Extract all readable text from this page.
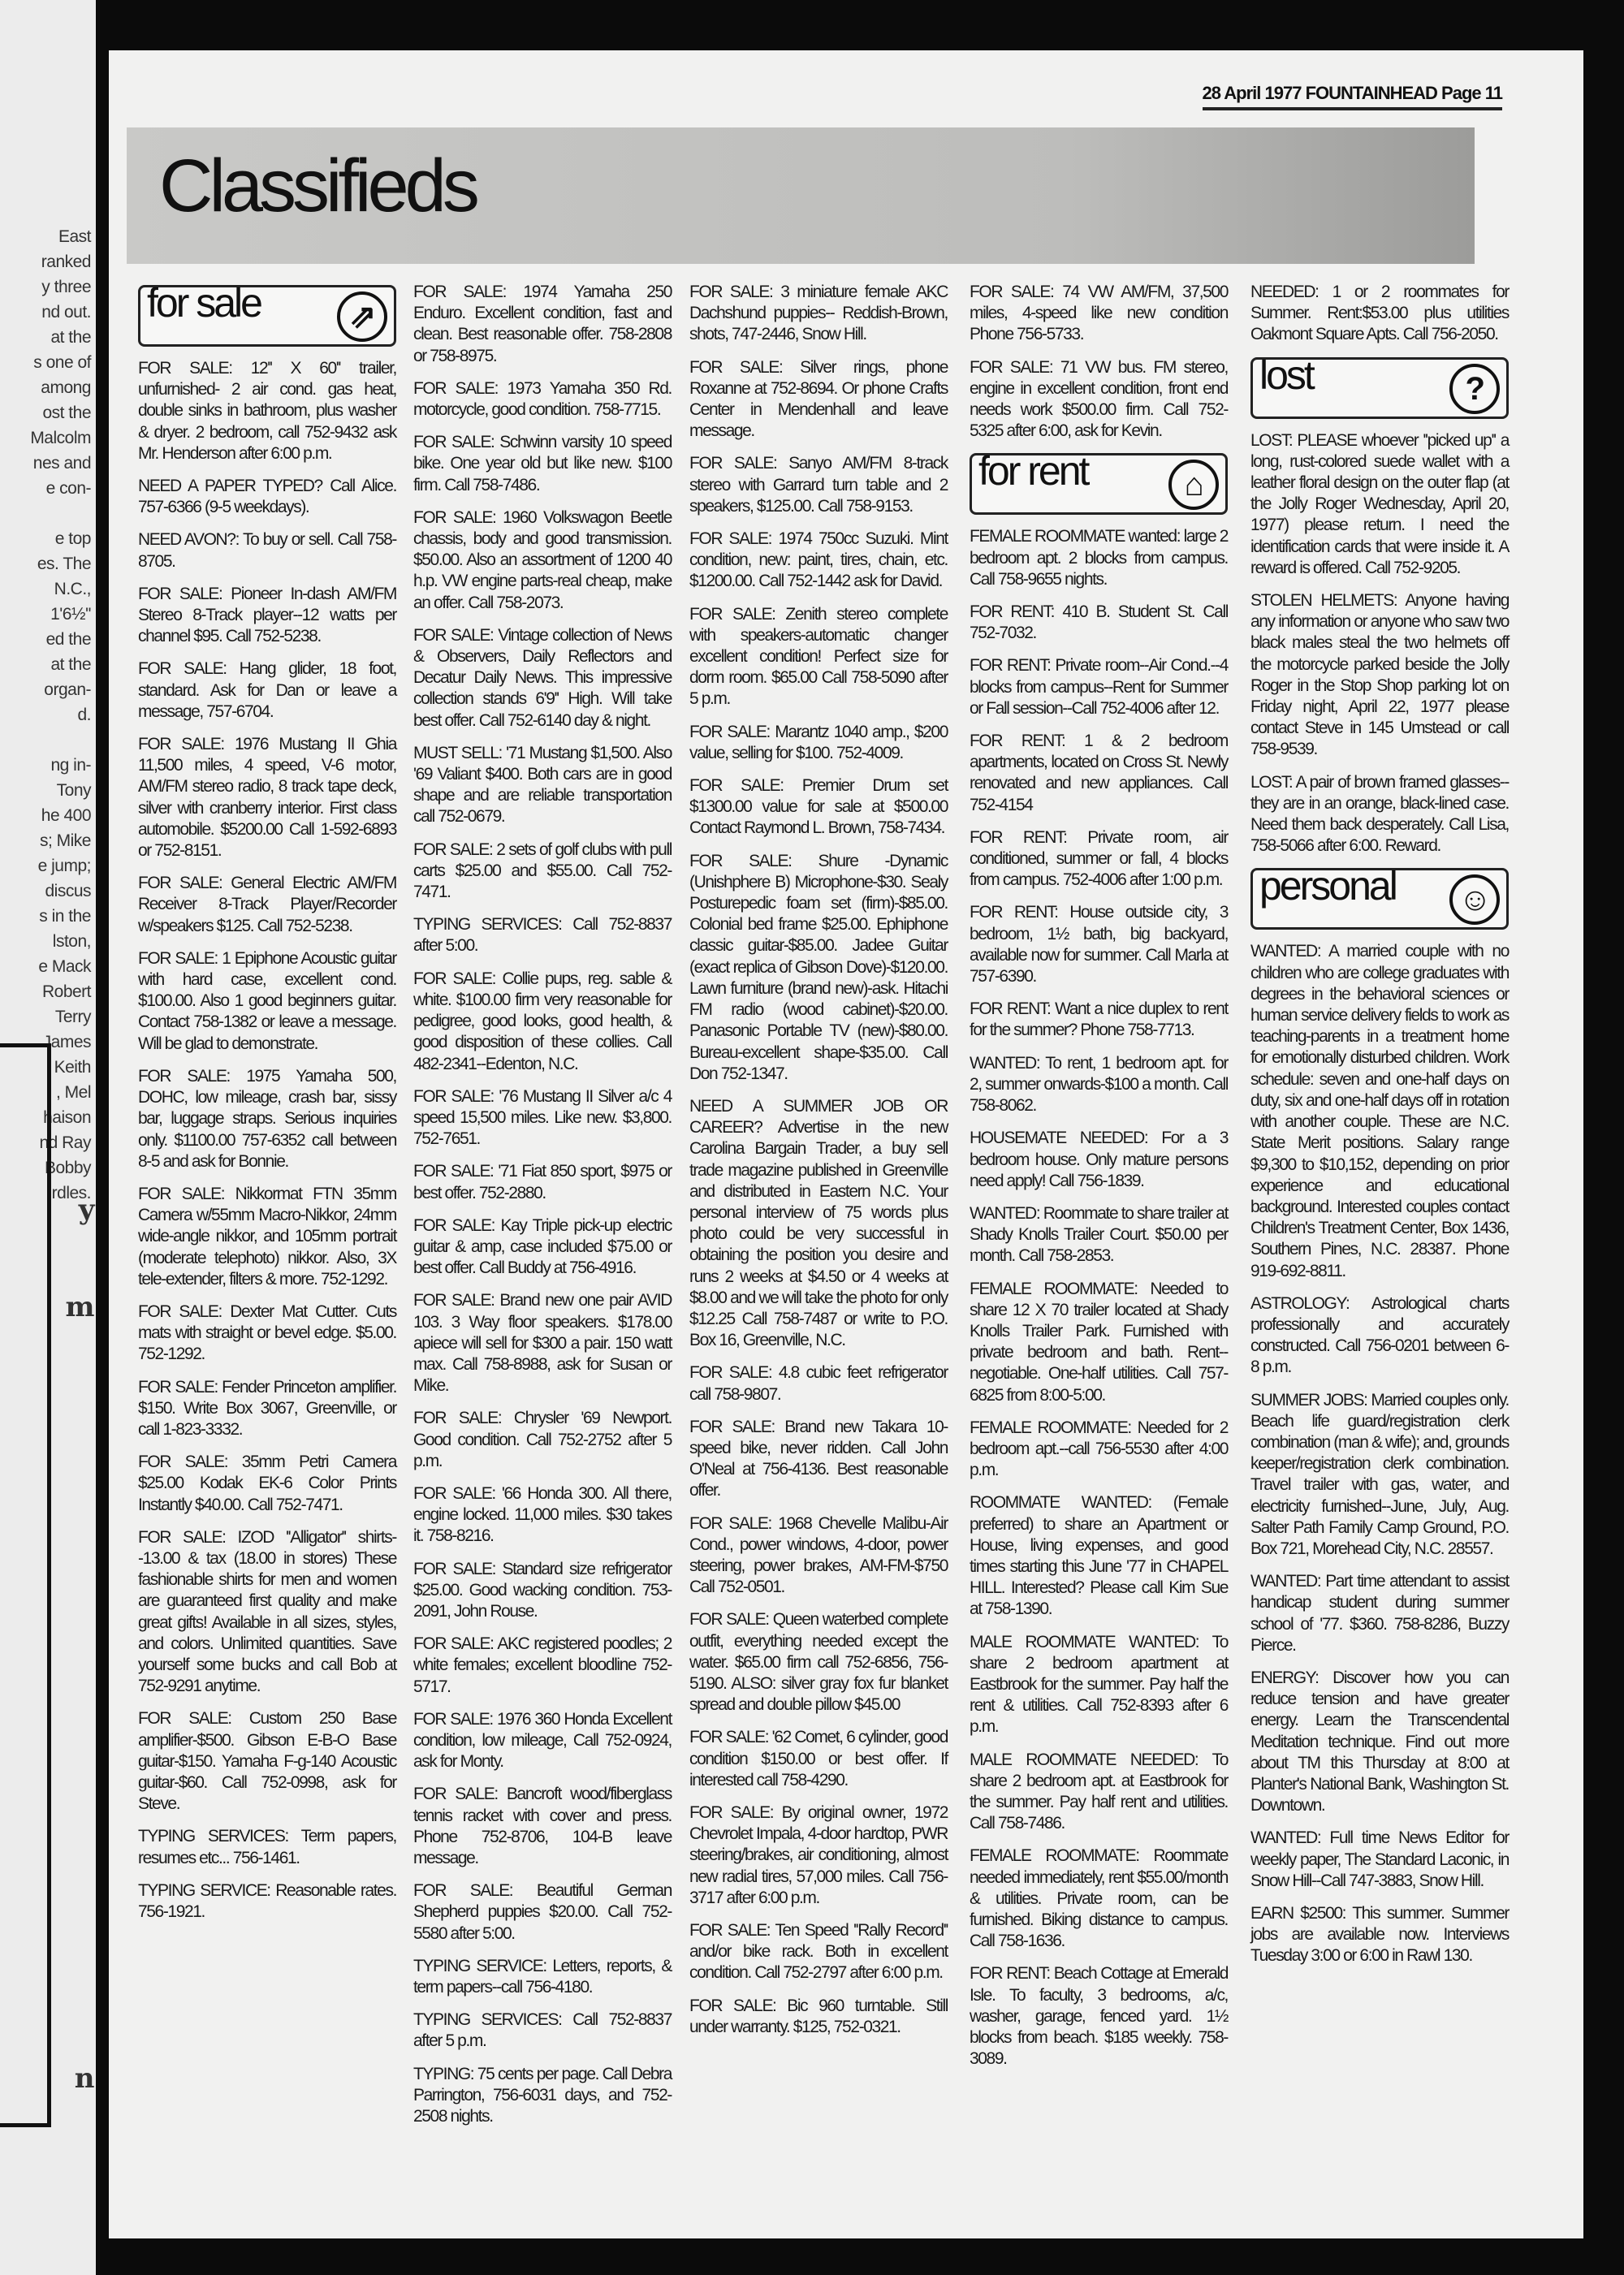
East
ranked
y three
nd out.
at the
s one of
among
ost the
Malcolm
nes and
e con-
e top
es. The
N.C.,
1'6½''
ed the
at the
organ-
d.
ng in-
Tony
he 400
s; Mike
e jump;
discus
s in the
lston,
e Mack
Robert
Terry
James
Keith
, Mel
haison
nd Ray
Bobby
rdles.
y
m
n
28 April 1977 FOUNTAINHEAD Page 11
Classifieds
for sale	⇗

FOR SALE: 12'' X 60'' trailer, unfurnished- 2 air cond. gas heat, double sinks in bathroom, plus washer & dryer. 2 bedroom, call 752-9432 ask Mr. Henderson after 6:00 p.m.

NEED A PAPER TYPED? Call Alice. 757-6366 (9-5 weekdays).

NEED AVON?: To buy or sell. Call 758-8705.

FOR SALE: Pioneer In-dash AM/FM Stereo 8-Track player--12 watts per channel $95. Call 752-5238.

FOR SALE: Hang glider, 18 foot, standard. Ask for Dan or leave a message, 757-6704.

FOR SALE: 1976 Mustang II Ghia 11,500 miles, 4 speed, V-6 motor, AM/FM stereo radio, 8 track tape deck, silver with cranberry interior. First class automobile. $5200.00 Call 1-592-6893 or 752-8151.

FOR SALE: General Electric AM/FM Receiver 8-Track Player/Recorder w/speakers $125. Call 752-5238.

FOR SALE: 1 Epiphone Acoustic guitar with hard case, excellent cond. $100.00. Also 1 good beginners guitar. Contact 758-1382 or leave a message. Will be glad to demonstrate.

FOR SALE: 1975 Yamaha 500, DOHC, low mileage, crash bar, sissy bar, luggage straps. Serious inquiries only. $1100.00 757-6352 call between 8-5 and ask for Bonnie.

FOR SALE: Nikkormat FTN 35mm Camera w/55mm Macro-Nikkor, 24mm wide-angle nikkor, and 105mm portrait (moderate telephoto) nikkor. Also, 3X tele-extender, filters & more. 752-1292.

FOR SALE: Dexter Mat Cutter. Cuts mats with straight or bevel edge. $5.00. 752-1292.

FOR SALE: Fender Princeton amplifier. $150. Write Box 3067, Greenville, or call 1-823-3332.

FOR SALE: 35mm Petri Camera $25.00 Kodak EK-6 Color Prints Instantly $40.00. Call 752-7471.

FOR SALE: IZOD ''Alligator'' shirts--13.00 & tax (18.00 in stores) These fashionable shirts for men and women are guaranteed first quality and make great gifts! Available in all sizes, styles, and colors. Unlimited quantities. Save yourself some bucks and call Bob at 752-9291 anytime.

FOR SALE: Custom 250 Base amplifier-$500. Gibson E-B-O Base guitar-$150. Yamaha F-g-140 Acoustic guitar-$60. Call 752-0998, ask for Steve.

TYPING SERVICES: Term papers, resumes etc... 756-1461.

TYPING SERVICE: Reasonable rates. 756-1921.

FOR SALE: 1974 Yamaha 250 Enduro. Excellent condition, fast and clean. Best reasonable offer. 758-2808 or 758-8975.

FOR SALE: 1973 Yamaha 350 Rd. motorcycle, good condition. 758-7715.

FOR SALE: Schwinn varsity 10 speed bike. One year old but like new. $100 firm. Call 758-7486.

FOR SALE: 1960 Volkswagon Beetle chassis, body and good transmission. $50.00. Also an assortment of 1200 40 h.p. VW engine parts-real cheap, make an offer. Call 758-2073.

FOR SALE: Vintage collection of News & Observers, Daily Reflectors and Decatur Daily News. This impressive collection stands 6'9'' High. Will take best offer. Call 752-6140 day & night.

MUST SELL: '71 Mustang $1,500. Also '69 Valiant $400. Both cars are in good shape and are reliable transportation call 752-0679.

FOR SALE: 2 sets of golf clubs with pull carts $25.00 and $55.00. Call 752-7471.

TYPING SERVICES: Call 752-8837 after 5:00.

FOR SALE: Collie pups, reg. sable & white. $100.00 firm very reasonable for pedigree, good looks, good health, & good disposition of these collies. Call 482-2341--Edenton, N.C.

FOR SALE: '76 Mustang II Silver a/c 4 speed 15,500 miles. Like new. $3,800. 752-7651.

FOR SALE: '71 Fiat 850 sport, $975 or best offer. 752-2880.

FOR SALE: Kay Triple pick-up electric guitar & amp, case included $75.00 or best offer. Call Buddy at 756-4916.

FOR SALE: Brand new one pair AVID 103. 3 Way floor speakers. $178.00 apiece will sell for $300 a pair. 150 watt max. Call 758-8988, ask for Susan or Mike.

FOR SALE: Chrysler '69 Newport. Good condition. Call 752-2752 after 5 p.m.

FOR SALE: '66 Honda 300. All there, engine locked. 11,000 miles. $30 takes it. 758-8216.

FOR SALE: Standard size refrigerator $25.00. Good wacking condition. 753-2091, John Rouse.

FOR SALE: AKC registered poodles; 2 white females; excellent bloodline 752-5717.

FOR SALE: 1976 360 Honda Excellent condition, low mileage, Call 752-0924, ask for Monty.

FOR SALE: Bancroft wood/fiberglass tennis racket with cover and press. Phone 752-8706, 104-B leave message.

FOR SALE: Beautiful German Shepherd puppies $20.00. Call 752-5580 after 5:00.

TYPING SERVICE: Letters, reports, & term papers--call 756-4180.

TYPING SERVICES: Call 752-8837 after 5 p.m.

TYPING: 75 cents per page. Call Debra Parrington, 756-6031 days, and 752-2508 nights.

FOR SALE: 3 miniature female AKC Dachshund puppies-- Reddish-Brown, shots, 747-2446, Snow Hill.

FOR SALE: Silver rings, phone Roxanne at 752-8694. Or phone Crafts Center in Mendenhall and leave message.

FOR SALE: Sanyo AM/FM 8-track stereo with Garrard turn table and 2 speakers, $125.00. Call 758-9153.

FOR SALE: 1974 750cc Suzuki. Mint condition, new: paint, tires, chain, etc. $1200.00. Call 752-1442 ask for David.

FOR SALE: Zenith stereo complete with speakers-automatic changer excellent condition! Perfect size for dorm room. $65.00 Call 758-5090 after 5 p.m.

FOR SALE: Marantz 1040 amp., $200 value, selling for $100. 752-4009.

FOR SALE: Premier Drum set $1300.00 value for sale at $500.00 Contact Raymond L. Brown, 758-7434.

FOR SALE: Shure -Dynamic (Unishphere B) Microphone-$30. Sealy Posturepedic foam set (firm)-$85.00. Colonial bed frame $25.00. Ephiphone classic guitar-$85.00. Jadee Guitar (exact replica of Gibson Dove)-$120.00. Lawn furniture (brand new)-ask. Hitachi FM radio (wood cabinet)-$20.00. Panasonic Portable TV (new)-$80.00. Bureau-excellent shape-$35.00. Call Don 752-1347.

NEED A SUMMER JOB OR CAREER? Advertise in the new Carolina Bargain Trader, a buy sell trade magazine published in Greenville and distributed in Eastern N.C. Your personal interview of 75 words plus photo could be very successful in obtaining the position you desire and runs 2 weeks at $4.50 or 4 weeks at $8.00 and we will take the photo for only $12.25 Call 758-7487 or write to P.O. Box 16, Greenville, N.C.

FOR SALE: 4.8 cubic feet refrigerator call 758-9807.

FOR SALE: Brand new Takara 10-speed bike, never ridden. Call John O'Neal at 756-4136. Best reasonable offer.

FOR SALE: 1968 Chevelle Malibu-Air Cond., power windows, 4-door, power steering, power brakes, AM-FM-$750 Call 752-0501.

FOR SALE: Queen waterbed complete outfit, everything needed except the water. $65.00 firm call 752-6856, 756-5190. ALSO: silver gray fox fur blanket spread and double pillow $45.00

FOR SALE: '62 Comet, 6 cylinder, good condition $150.00 or best offer. If interested call 758-4290.

FOR SALE: By original owner, 1972 Chevrolet Impala, 4-door hardtop, PWR steering/brakes, air conditioning, almost new radial tires, 57,000 miles. Call 756-3717 after 6:00 p.m.

FOR SALE: Ten Speed ''Rally Record'' and/or bike rack. Both in excellent condition. Call 752-2797 after 6:00 p.m.

FOR SALE: Bic 960 turntable. Still under warranty. $125, 752-0321.

FOR SALE: 74 VW AM/FM, 37,500 miles, 4-speed like new condition Phone 756-5733.

FOR SALE: 71 VW bus. FM stereo, engine in excellent condition, front end needs work $500.00 firm. Call 752-5325 after 6:00, ask for Kevin.

for rent	⌂

FEMALE ROOMMATE wanted: large 2 bedroom apt. 2 blocks from campus. Call 758-9655 nights.

FOR RENT: 410 B. Student St. Call 752-7032.

FOR RENT: Private room--Air Cond.--4 blocks from campus--Rent for Summer or Fall session--Call 752-4006 after 12.

FOR RENT: 1 & 2 bedroom apartments, located on Cross St. Newly renovated and new appliances. Call 752-4154

FOR RENT: Private room, air conditioned, summer or fall, 4 blocks from campus. 752-4006 after 1:00 p.m.

FOR RENT: House outside city, 3 bedroom, 1½ bath, big backyard, available now for summer. Call Marla at 757-6390.

FOR RENT: Want a nice duplex to rent for the summer? Phone 758-7713.

WANTED: To rent, 1 bedroom apt. for 2, summer onwards-$100 a month. Call 758-8062.

HOUSEMATE NEEDED: For a 3 bedroom house. Only mature persons need apply! Call 756-1839.

WANTED: Roommate to share trailer at Shady Knolls Trailer Court. $50.00 per month. Call 758-2853.

FEMALE ROOMMATE: Needed to share 12 X 70 trailer located at Shady Knolls Trailer Park. Furnished with private bedroom and bath. Rent--negotiable. One-half utilities. Call 757-6825 from 8:00-5:00.

FEMALE ROOMMATE: Needed for 2 bedroom apt.--call 756-5530 after 4:00 p.m.

ROOMMATE WANTED: (Female preferred) to share an Apartment or House, living expenses, and good times starting this June '77 in CHAPEL HILL. Interested? Please call Kim Sue at 758-1390.

MALE ROOMMATE WANTED: To share 2 bedroom apartment at Eastbrook for the summer. Pay half the rent & utilities. Call 752-8393 after 6 p.m.

MALE ROOMMATE NEEDED: To share 2 bedroom apt. at Eastbrook for the summer. Pay half rent and utilities. Call 758-7486.

FEMALE ROOMMATE: Roommate needed immediately, rent $55.00/month & utilities. Private room, can be furnished. Biking distance to campus. Call 758-1636.

FOR RENT: Beach Cottage at Emerald Isle. To faculty, 3 bedrooms, a/c, washer, garage, fenced yard. 1½ blocks from beach. $185 weekly. 758-3089.

NEEDED: 1 or 2 roommates for Summer. Rent:$53.00 plus utilities Oakmont Square Apts. Call 756-2050.

lost	?

LOST: PLEASE whoever ''picked up'' a long, rust-colored suede wallet with a leather floral design on the outer flap (at the Jolly Roger Wednesday, April 20, 1977) please return. I need the identification cards that were inside it. A reward is offered. Call 752-9205.

STOLEN HELMETS: Anyone having any information or anyone who saw two black males steal the two helmets off the motorcycle parked beside the Jolly Roger in the Stop Shop parking lot on Friday night, April 22, 1977 please contact Steve in 145 Umstead or call 758-9539.

LOST: A pair of brown framed glasses--they are in an orange, black-lined case. Need them back desperately. Call Lisa, 758-5066 after 6:00. Reward.

personal ☺

WANTED: A married couple with no children who are college graduates with degrees in the behavioral sciences or human service delivery fields to work as teaching-parents in a treatment home for emotionally disturbed children. Work schedule: seven and one-half days on duty, six and one-half days off in rotation with another couple. These are N.C. State Merit positions. Salary range $9,300 to $10,152, depending on prior experience and educational background. Interested couples contact Children's Treatment Center, Box 1436, Southern Pines, N.C. 28387. Phone 919-692-8811.

ASTROLOGY: Astrological charts professionally and accurately constructed. Call 756-0201 between 6-8 p.m.

SUMMER JOBS: Married couples only. Beach life guard/registration clerk combination (man & wife); and, grounds keeper/registration clerk combination. Travel trailer with gas, water, and electricity furnished--June, July, Aug. Salter Path Family Camp Ground, P.O. Box 721, Morehead City, N.C. 28557.

WANTED: Part time attendant to assist handicap student during summer school of '77. $360. 758-8286, Buzzy Pierce.

ENERGY: Discover how you can reduce tension and have greater energy. Learn the Transcendental Meditation technique. Find out more about TM this Thursday at 8:00 at Planter's National Bank, Washington St. Downtown.

WANTED: Full time News Editor for weekly paper, The Standard Laconic, in Snow Hill--Call 747-3883, Snow Hill.

EARN $2500: This summer. Summer jobs are available now. Interviews Tuesday 3:00 or 6:00 in Rawl 130.
